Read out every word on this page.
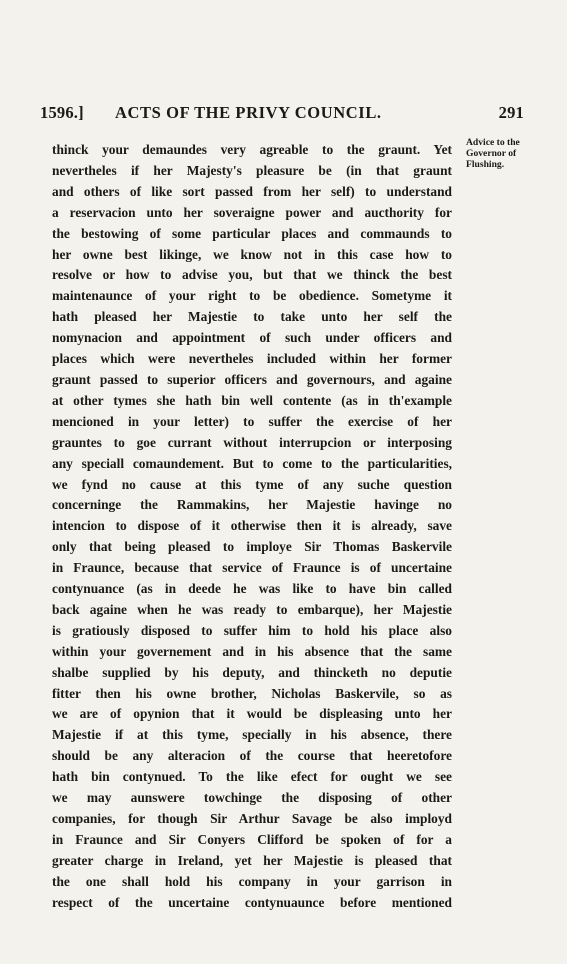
1596.] ACTS OF THE PRIVY COUNCIL.	291
Advice to the
Governor of
Flushing.
thinck your demaundes very agreable to the graunt. Yet
nevertheles if her Majesty's pleasure be (in that graunt
and others of like sort passed from her self) to understand
a reservacion unto her soveraigne power and aucthority for
the bestowing of some particular places and commaunds to
her owne best likinge, we know not in this case how to
resolve or how to advise you, but that we thinck the best
maintenaunce of your right to be obedience. Sometyme it
hath pleased her Majestie to take unto her self the
nomynacion and appointment of such under officers and
places which were nevertheles included within her former
graunt passed to superior officers and governours, and againe
at other tymes she hath bin well contente (as in th'example
mencioned in your letter) to suffer the exercise of her
grauntes to goe currant without interrupcion or interposing
any speciall comaundement. But to come to the particularities,
we fynd no cause at this tyme of any suche question
concerninge the Rammakins, her Majestie havinge no
intencion to dispose of it otherwise then it is already, save
only that being pleased to imploye Sir Thomas Baskervile
in Fraunce, because that service of Fraunce is of uncertaine
contynuance (as in deede he was like to have bin called
back againe when he was ready to embarque), her Majestie
is gratiously disposed to suffer him to hold his place also
within your governement and in his absence that the same
shalbe supplied by his deputy, and thincketh no deputie
fitter then his owne brother, Nicholas Baskervile, so as
we are of opynion that it would be displeasing unto her
Majestie if at this tyme, specially in his absence, there
should be any alteracion of the course that heeretofore
hath bin contynued. To the like efect for ought we see
we may aunswere towchinge the disposing of other
companies, for though Sir Arthur Savage be also imployd
in Fraunce and Sir Conyers Clifford be spoken of for a
greater charge in Ireland, yet her Majestie is pleased that
the one shall hold his company in your garrison in
respect of the uncertaine contynuaunce before mentioned
